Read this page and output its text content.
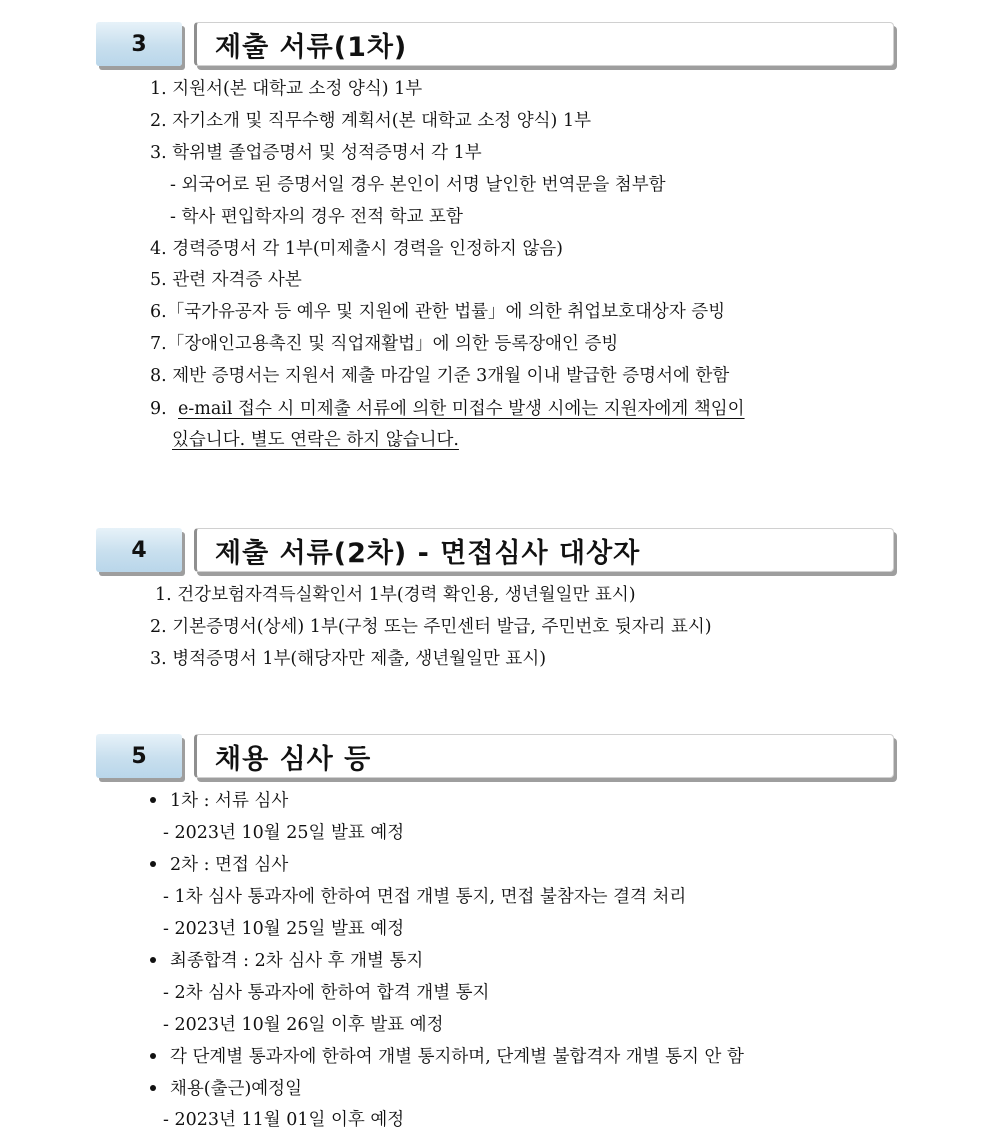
3	제출 서류(1차)
1. 지원서(본 대학교 소정 양식) 1부
2. 자기소개 및 직무수행 계획서(본 대학교 소정 양식) 1부
3. 학위별 졸업증명서 및 성적증명서 각 1부
- 외국어로 된 증명서일 경우 본인이 서명 날인한 번역문을 첨부함
- 학사 편입학자의 경우 전적 학교 포함
4. 경력증명서 각 1부(미제출시 경력을 인정하지 않음)
5. 관련 자격증 사본
6.「국가유공자 등 예우 및 지원에 관한 법률」에 의한 취업보호대상자 증빙
7.「장애인고용촉진 및 직업재활법」에 의한 등록장애인 증빙
8. 제반 증명서는 지원서 제출 마감일 기준 3개월 이내 발급한 증명서에 한함
9. e-mail 접수 시 미제출 서류에 의한 미접수 발생 시에는 지원자에게 책임이
있습니다. 별도 연락은 하지 않습니다.
4	제출 서류(2차) - 면접심사 대상자
1. 건강보험자격득실확인서 1부(경력 확인용, 생년월일만 표시)
2. 기본증명서(상세) 1부(구청 또는 주민센터 발급, 주민번호 뒷자리 표시)
3. 병적증명서 1부(해당자만 제출, 생년월일만 표시)
5	채용 심사 등
1차 : 서류 심사
- 2023년 10월 25일 발표 예정
2차 : 면접 심사
- 1차 심사 통과자에 한하여 면접 개별 통지, 면접 불참자는 결격 처리
- 2023년 10월 25일 발표 예정
최종합격 : 2차 심사 후 개별 통지
- 2차 심사 통과자에 한하여 합격 개별 통지
- 2023년 10월 26일 이후 발표 예정
각 단계별 통과자에 한하여 개별 통지하며, 단계별 불합격자 개별 통지 안 함
채용(출근)예정일
- 2023년 11월 01일 이후 예정
